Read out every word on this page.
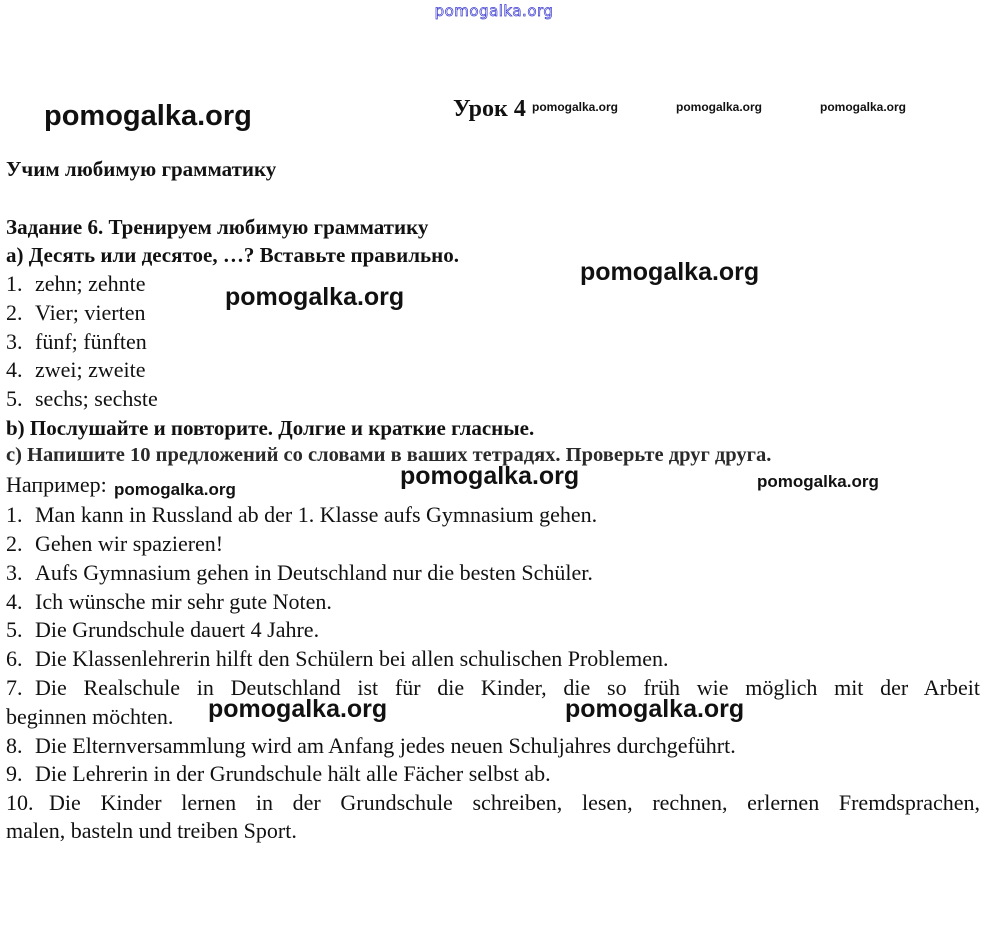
pomogalka.org
pomogalka.org	pomogalka.org	pomogalka.org
pomogalka.org
pomogalka.org
pomogalka.org
Урок 4
Учим любимую грамматику
Задание 6. Тренируем любимую грамматику
a) Десять или десятое, …? Вставьте правильно.
1. zehn; zehnte
2. Vier; vierten
3. fünf; fünften
4. zwei; zweite
5. sechs; sechste
b) Послушайте и повторите. Долгие и краткие гласные.
c) Напишите 10 предложений со словами в ваших тетрадях. Проверьте друг друга.
Например: pomogalka.org	pomogalka.org	pomogalka.org
1. Man kann in Russland ab der 1. Klasse aufs Gymnasium gehen.
2. Gehen wir spazieren!
3. Aufs Gymnasium gehen in Deutschland nur die besten Schüler.
4. Ich wünsche mir sehr gute Noten.
5. Die Grundschule dauert 4 Jahre.
6. Die Klassenlehrerin hilft den Schülern bei allen schulischen Problemen.
7. Die Realschule in Deutschland ist für die Kinder, die so früh wie möglich mit der Arbeit
beginnen möchten. pomogalka.org	pomogalka.org
8. Die Elternversammlung wird am Anfang jedes neuen Schuljahres durchgeführt.
9. Die Lehrerin in der Grundschule hält alle Fächer selbst ab.
10. Die Kinder lernen in der Grundschule schreiben, lesen, rechnen, erlernen Fremdsprachen,
malen, basteln und treiben Sport.
